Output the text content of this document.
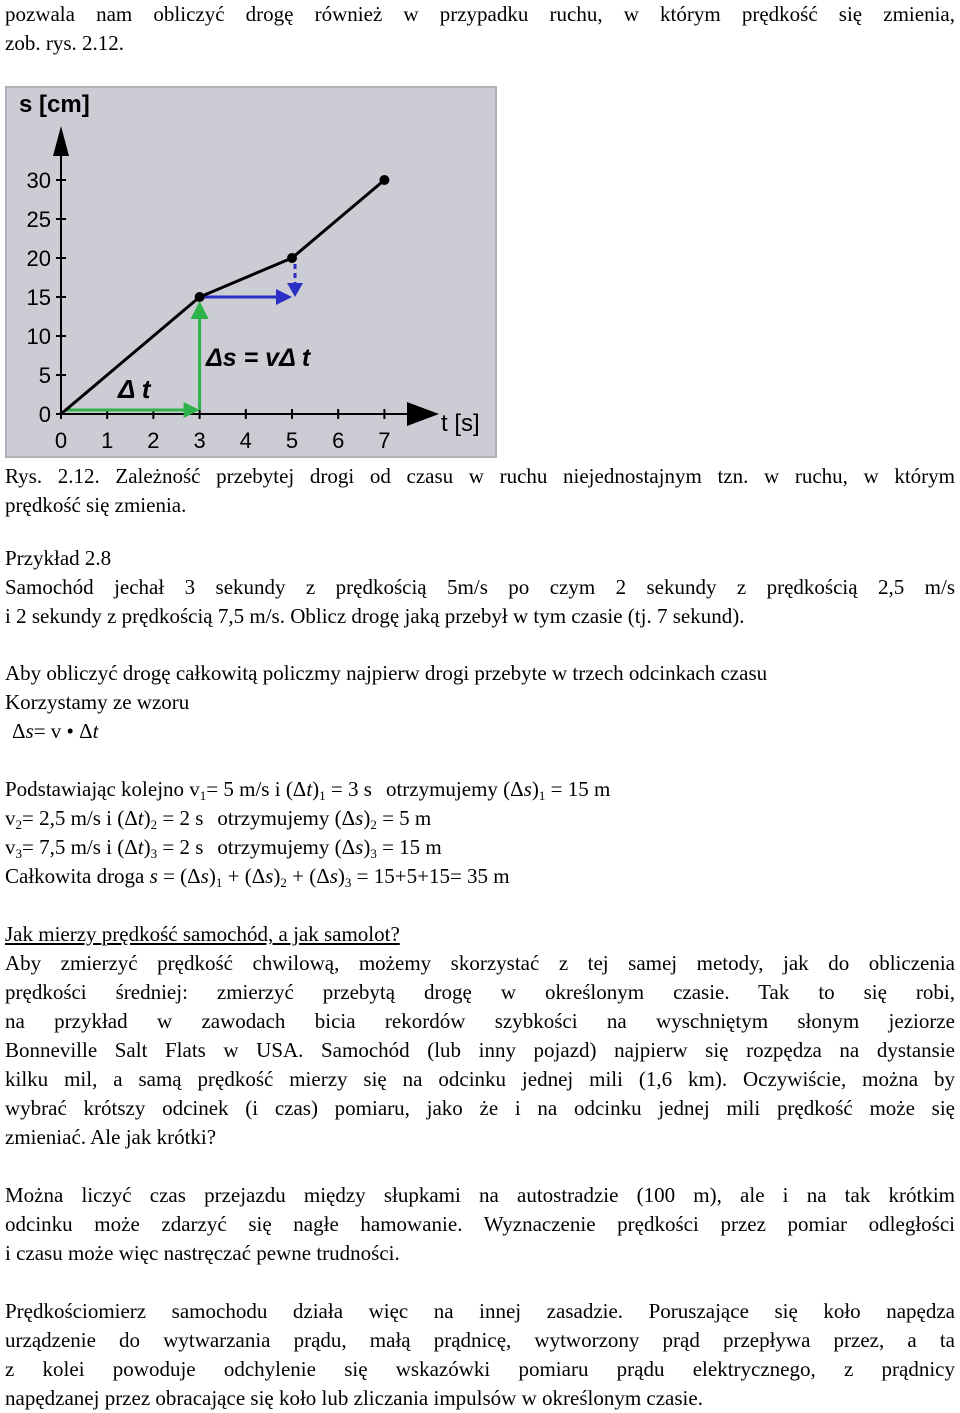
pozwala nam obliczyć drogę również w przypadku ruchu, w którym prędkość się zmienia,
zob. rys. 2.12.
0
5
10
15
20
25
30
0 1 2 3 4 5 6 7
s [cm]
t [s]
Δ t
Δs = vΔ t
Rys. 2.12. Zależność przebytej drogi od czasu w ruchu niejednostajnym tzn. w ruchu, w którym
prędkość się zmienia.
Przykład 2.8
Samochód jechał 3 sekundy z prędkością 5m/s po czym 2 sekundy z prędkością 2,5 m/s
i 2 sekundy z prędkością 7,5 m/s. Oblicz drogę jaką przebył w tym czasie (tj. 7 sekund).
Aby obliczyć drogę całkowitą policzmy najpierw drogi przebyte w trzech odcinkach czasu
Korzystamy ze wzoru
Δs= v • Δt
Podstawiając kolejno $v_1= 5$ m/s i $(\Delta t)_1 = 3$ s otrzymujemy $(\Delta s)_1 = 15$ m
$v_2= 2,5$ m/s i $(\Delta t)_2 = 2$ s otrzymujemy $(\Delta s)_2 = 5$ m
$v_3= 7,5$ m/s i $(\Delta t)_3 = 2$ s otrzymujemy $(\Delta s)_3 = 15$ m
Całkowita droga $s = (\Delta s)_1 + (\Delta s)_2 + (\Delta s)_3 = 15+5+15= 35$ m
Jak mierzy prędkość samochód, a jak samolot?
Aby zmierzyć prędkość chwilową, możemy skorzystać z tej samej metody, jak do obliczenia
prędkości średniej: zmierzyć przebytą drogę w określonym czasie. Tak to się robi,
na przykład w zawodach bicia rekordów szybkości na wyschniętym słonym jeziorze
Bonneville Salt Flats w USA. Samochód (lub inny pojazd) najpierw się rozpędza na dystansie
kilku mil, a samą prędkość mierzy się na odcinku jednej mili (1,6 km). Oczywiście, można by
wybrać krótszy odcinek (i czas) pomiaru, jako że i na odcinku jednej mili prędkość może się
zmieniać. Ale jak krótki?
Można liczyć czas przejazdu między słupkami na autostradzie (100 m), ale i na tak krótkim
odcinku może zdarzyć się nagłe hamowanie. Wyznaczenie prędkości przez pomiar odległości
i czasu może więc nastręczać pewne trudności.
Prędkościomierz samochodu działa więc na innej zasadzie. Poruszające się koło napędza
urządzenie do wytwarzania prądu, małą prądnicę, wytworzony prąd przepływa przez, a ta
z kolei powoduje odchylenie się wskazówki pomiaru prądu elektrycznego, z prądnicy
napędzanej przez obracające się koło lub zliczania impulsów w określonym czasie.
